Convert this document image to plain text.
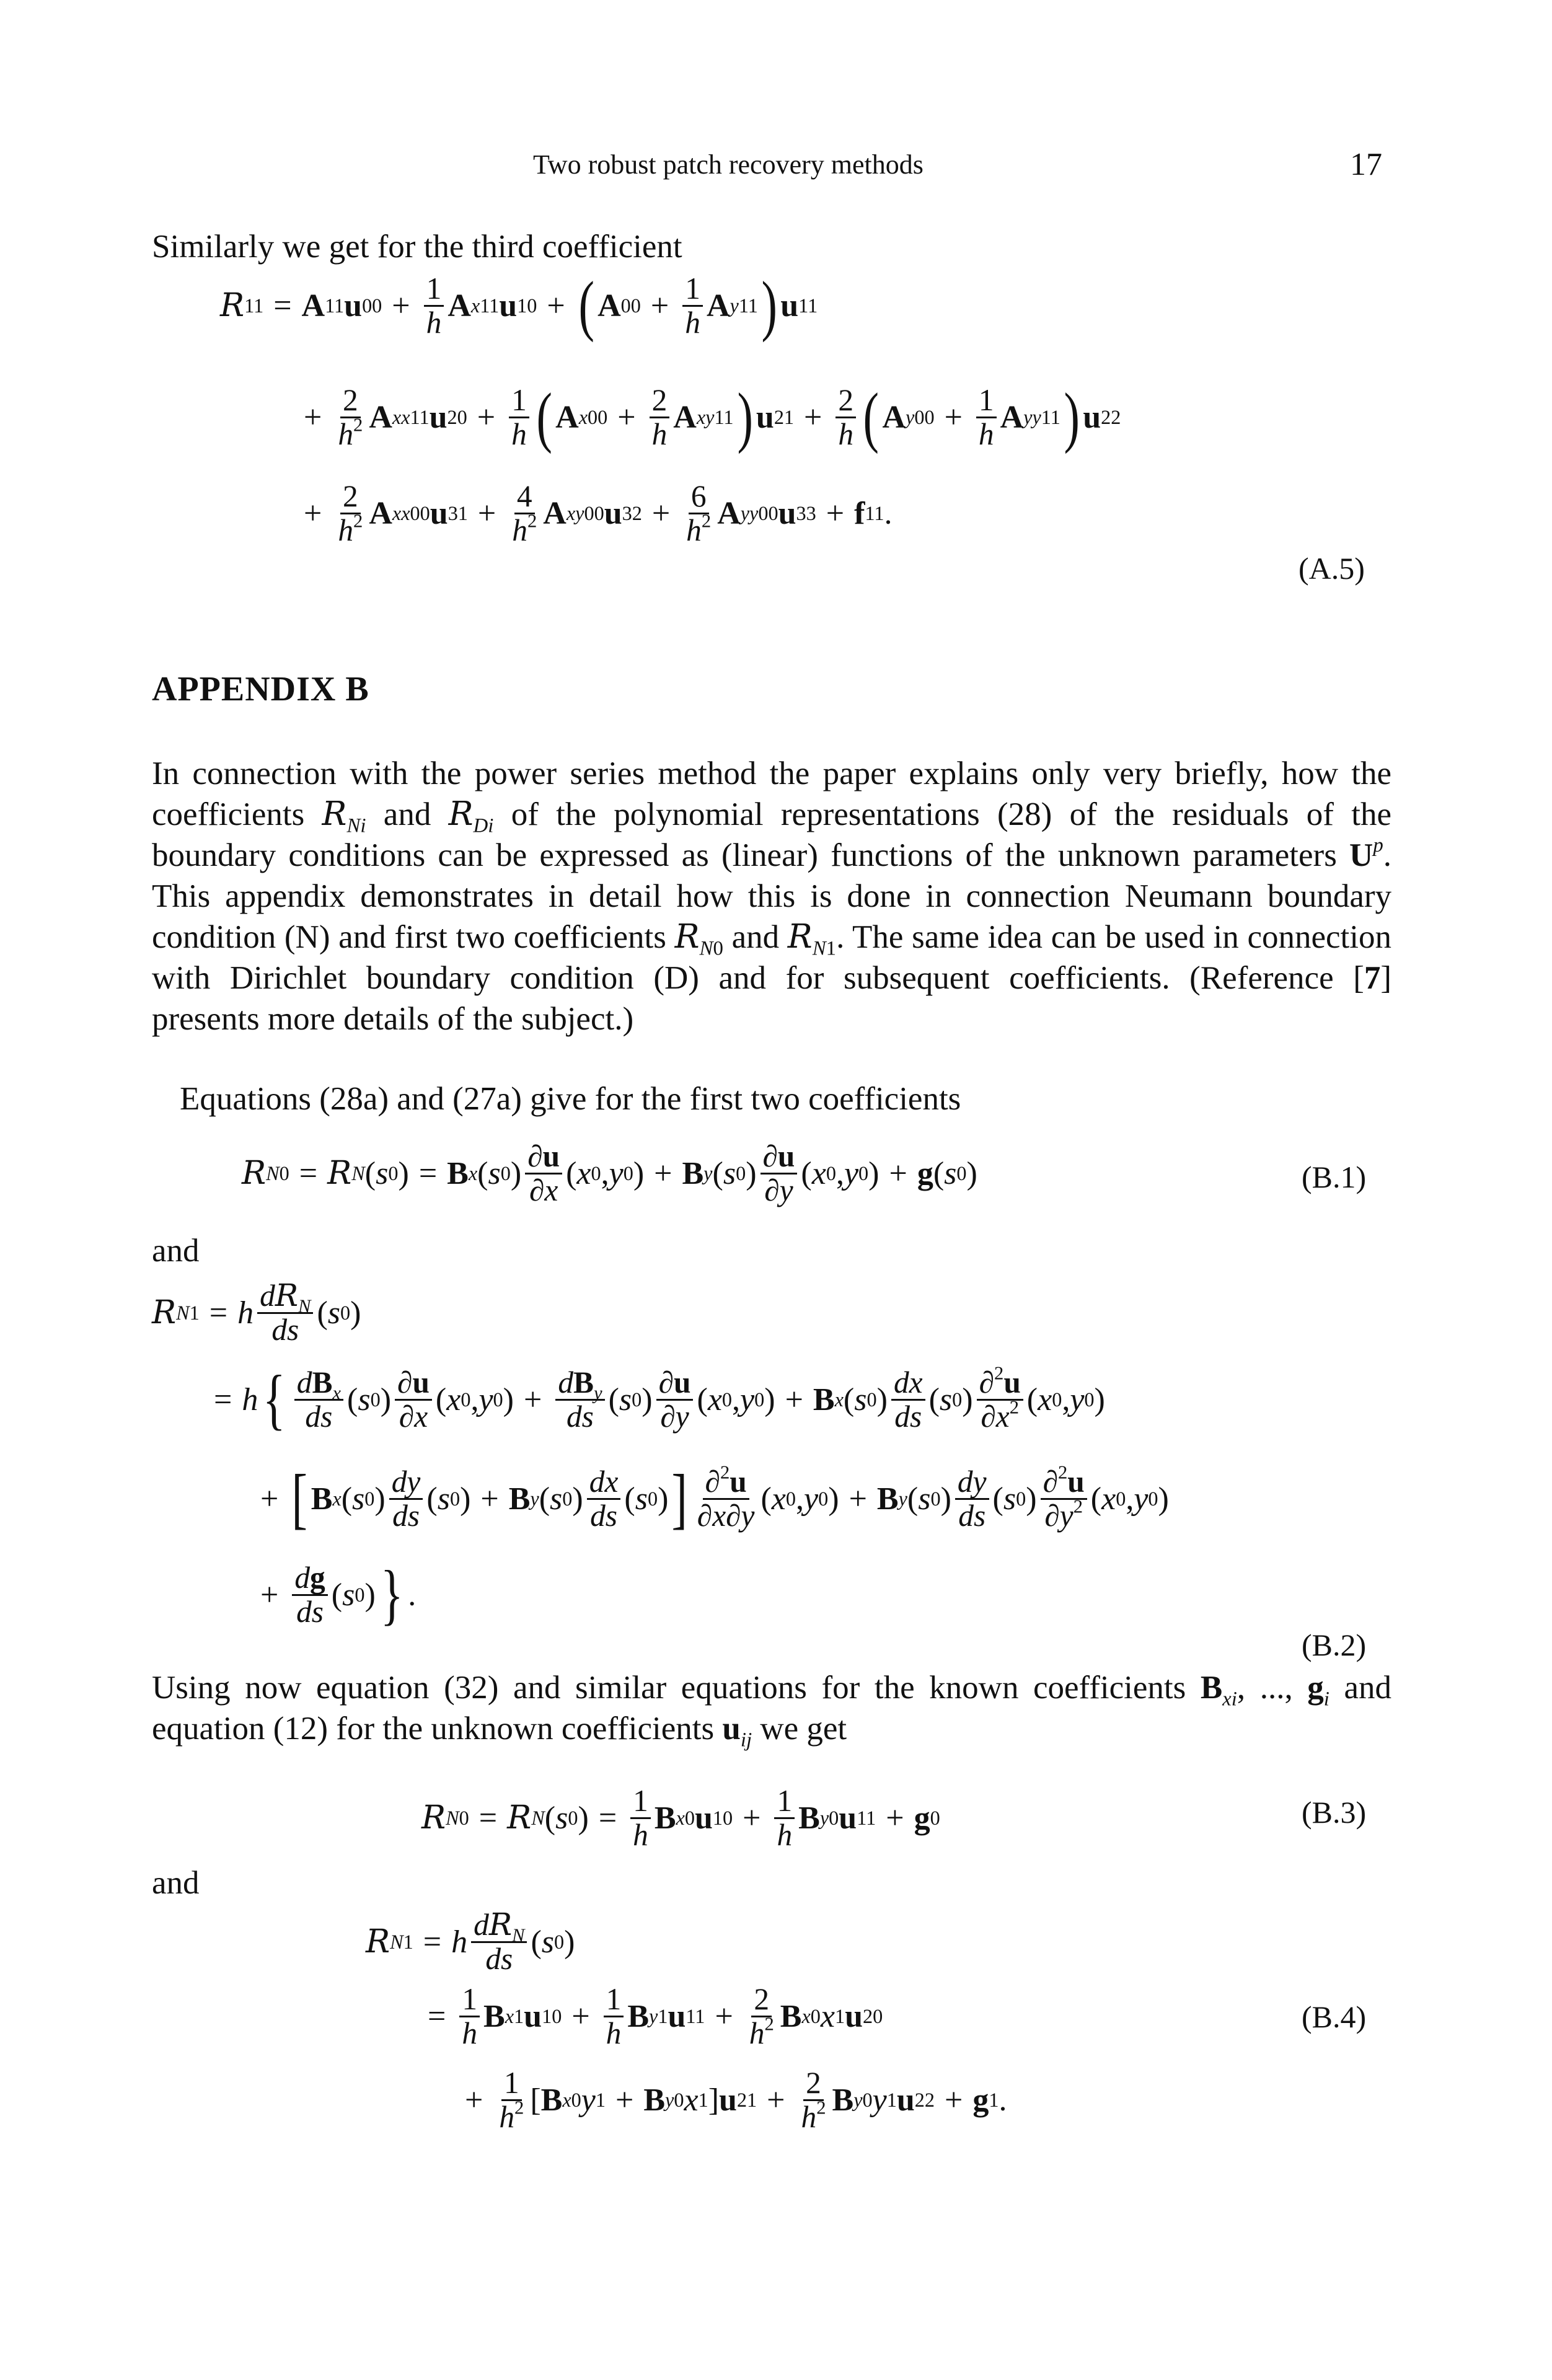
Two robust patch recovery methods	17
Similarly we get for the third coefficient
R 11 = A 11 u $00 + \frac{1}{h}$ A x 11 u 10 + ( A $00 + \frac{1}{h}$ A y 11 ) u 11
+ $\frac{2}{h^2}$ A xx 11 u $20 + \frac{1}{h}$ ( A x $00 + \frac{2}{h}$ A xy 11 ) u $21 + \frac{2}{h}$ ( A y $00 + \frac{1}{h}$ A yy 11 ) u 22
+ $\frac{2}{h^2}$ A xx 00 u $31 + \frac{4}{h^2}$ A xy 00 u $32 + \frac{6}{h^2}$ A yy 00 u 33 + f 11 .
(A.5)
APPENDIX B
In connection with the power series method the paper explains only very briefly, how the coefficients $R_{Ni}$ and $R_{Di}$ of the polynomial representations (28) of the residuals of the boundary conditions can be expressed as (linear) functions of the unknown parameters $U^p$. This appendix demonstrates in detail how this is done in connection Neumann boundary condition (N) and first two coefficients $R_{N0}$ and $R_{N1}$. The same idea can be used in connection with Dirichlet boundary condition (D) and for subsequent coefficients. (Reference [7] presents more details of the subject.)
Equations (28a) and (27a) give for the first two coefficients
R N 0 = R N ( s 0 ) = B x ( s 0 ) $\frac{\partial u}{\partial x}$ ( x 0 , y 0 ) + B y ( s 0 ) $\frac{\partial u}{\partial y}$ ( x 0 , y 0 ) + g ( s 0 )	(B.1)
and
R N 1 = h $\frac{dR_N}{ds}$ ( s 0 )
= h { $\frac{dB_x}{ds}$ ( s 0 ) $\frac{\partial u}{\partial x}$ ( x 0 , y 0 ) + $\frac{dB_y}{ds}$ ( s 0 ) $\frac{\partial u}{\partial y}$ ( x 0 , y 0 ) + B x ( s 0 ) $\frac{dx}{ds}$ ( s 0 ) $\frac{\partial^2u}{\partial x^2}$ ( x 0 , y 0 )
+ [ B x ( s 0 ) $\frac{dy}{ds}$ ( s 0 ) + B y ( s 0 ) $\frac{dx}{ds}$ ( s 0 ) ] $\frac{\partial^2u}{\partial x\partial y}$ ( x 0 , y 0 ) + B y ( s 0 ) $\frac{dy}{ds}$ ( s 0 ) $\frac{\partial^2u}{\partial y^2}$ ( x 0 , y 0 )
+ $\frac{dg}{ds}$ ( s 0 ) } .
(B.2)
Using now equation (32) and similar equations for the known coefficients $B_{xi}$, ..., $g_i$ and equation (12) for the unknown coefficients $u_{ij}$ we get
R N 0 = R N ( s 0 ) = $\frac{1}{h}$ B x 0 u $10 + \frac{1}{h}$ B y 0 u 11 + g 0	(B.3)
and
R N 1 = h $\frac{dR_N}{ds}$ ( s 0 )
= $\frac{1}{h}$ B x 1 u $10 + \frac{1}{h}$ B y 1 u $11 + \frac{2}{h^2}$ B x 0 x 1 u 20	(B.4)
+ $\frac{1}{h^2}$ [ B x 0 y 1 + B y 0 x 1 ] u $21 + \frac{2}{h^2}$ B y 0 y 1 u 22 + g 1 .
